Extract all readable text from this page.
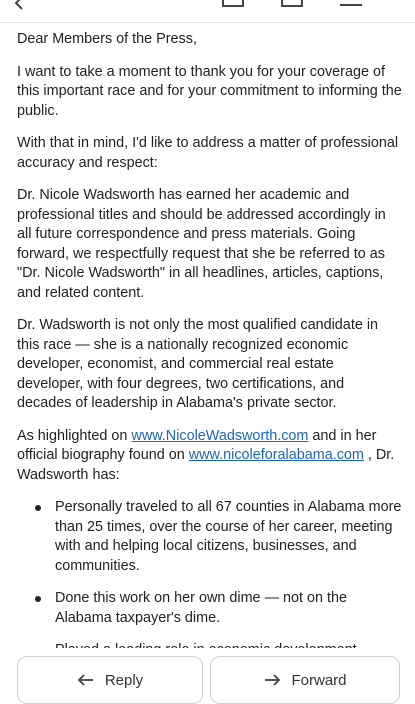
Dear Members of the Press,

I want to take a moment to thank you for your coverage of this important race and for your commitment to informing the public.

With that in mind, I'd like to address a matter of professional accuracy and respect:

Dr. Nicole Wadsworth has earned her academic and professional titles and should be addressed accordingly in all future correspondence and press materials. Going forward, we respectfully request that she be referred to as "Dr. Nicole Wadsworth" in all headlines, articles, captions, and related content.

Dr. Wadsworth is not only the most qualified candidate in this race — she is a nationally recognized economic developer, economist, and commercial real estate developer, with four degrees, two certifications, and decades of leadership in Alabama's private sector.

As highlighted on www.NicoleWadsworth.com and in her official biography found on www.nicoleforalabama.com , Dr. Wadsworth has:

Personally traveled to all 67 counties in Alabama more than 25 times, over the course of her career, meeting with and helping local citizens, businesses, and communities.
Done this work on her own dime — not on the Alabama taxpayer's dime.
Reply	Forward
